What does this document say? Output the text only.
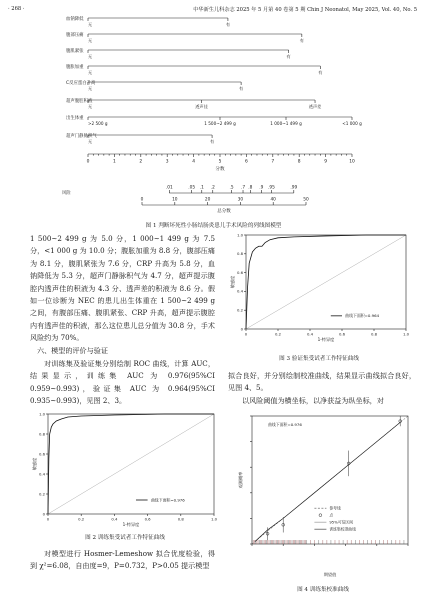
· 268 ·	中华新生儿科杂志 2025 年 5 月第 40 卷第 5 期 Chin J Neonatol, May 2025, Vol. 40, No. 5
血钠降低
无	有
腹部压痛
无	有
腹肌紧张
无	有
腹胀加重
无	有
C反应蛋白升高
无	有
超声腹腔积液
无	透声佳	透声差
出生体重
>2 500 g	1 500~2 499 g	1 000~1 499 g	<1 000 g
超声门静脉积气
无	有
0	1	2	3	4	5	6	7	8	9	10
分数
风险
.01	.05 .1 .2	.5 .7 .8 .9 .95	.99
0	10	20	30	40	50
总分数
图 1 判断坏死性小肠结肠炎患儿手术风险的列线图模型
1 500~2 499 g 为 5.0 分，1 000~1 499 g 为 7.5 分，<1 000 g 为 10.0 分；腹胀加重为 8.8 分，腹部压痛为 8.1 分，腹肌紧张为 7.6 分，CRP 升高为 5.8 分，血钠降低为 5.3 分，超声门静脉积气为 4.7 分，超声提示腹腔内透声佳的积液为 4.3 分、透声差的积液为 8.6 分。假如一位诊断为 NEC 的患儿出生体重在 1 500~2 499 g 之间，有腹部压痛、腹肌紧张、CRP 升高，超声提示腹腔内有透声佳的积液，那么这位患儿总分值为 30.8 分，手术风险约为 70%。
六、模型的评价与验证
对训练集及验证集分别绘制 ROC 曲线，计算 AUC，结果显示，训练集 AUC 为 0.976(95%CI 0.959~0.993)，验证集 AUC 为 0.964(95%CI 0.935~0.993)，见图 2、3。
0	0.2	0.4	0.6	0.8	1.0
0
0.2
0.4
0.6
0.8
1.0
1-特异度
敏感度
曲线下面积=0.976
图 2 训练集受试者工作特征曲线
对模型进行 Hosmer-Lemeshow 拟合优度检验，得到 χ²=6.08，自由度=9，P=0.732，P>0.05 提示模型
0	0.2	0.4	0.6	0.8	1.0
0
0.2
0.4
0.6
0.8
1.0
1-特异度
敏感度
曲线下面积=0.964
图 3 验证集受试者工作特征曲线
拟合良好，并分别绘制校准曲线，结果显示曲线拟合良好，见图 4、5。
以风险阈值为横坐标，以净获益为纵坐标，对
期望值
观测概率
曲线下面积=0.976
参考线
点
95%可信区间
训练集校准曲线
图 4 训练集校准曲线
